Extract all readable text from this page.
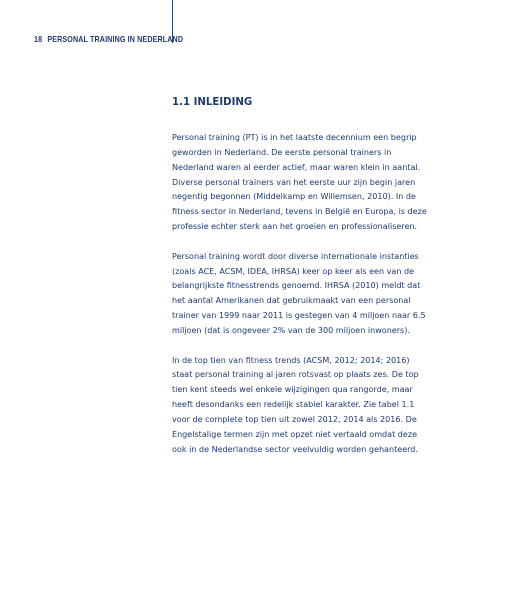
18 PERSONAL TRAINING IN NEDERLAND
1.1 INLEIDING

Personal training (PT) is in het laatste decennium een begrip
geworden in Nederland. De eerste personal trainers in
Nederland waren al eerder actief, maar waren klein in aantal.
Diverse personal trainers van het eerste uur zijn begin jaren
negentig begonnen (Middelkamp en Willemsen, 2010). In de
fitness sector in Nederland, tevens in België en Europa, is deze
professie echter sterk aan het groeien en professionaliseren.

Personal training wordt door diverse internationale instanties
(zoals ACE, ACSM, IDEA, IHRSA) keer op keer als een van de
belangrijkste fitnesstrends genoemd. IHRSA (2010) meldt dat
het aantal Amerikanen dat gebruikmaakt van een personal
trainer van 1999 naar 2011 is gestegen van 4 miljoen naar 6.5
miljoen (dat is ongeveer 2% van de 300 miljoen inwoners).

In de top tien van fitness trends (ACSM, 2012; 2014; 2016)
staat personal training al jaren rotsvast op plaats zes. De top
tien kent steeds wel enkele wijzigingen qua rangorde, maar
heeft desondanks een redelijk stabiel karakter. Zie tabel 1.1
voor de complete top tien uit zowel 2012, 2014 als 2016. De
Engelstalige termen zijn met opzet niet vertaald omdat deze
ook in de Nederlandse sector veelvuldig worden gehanteerd.
